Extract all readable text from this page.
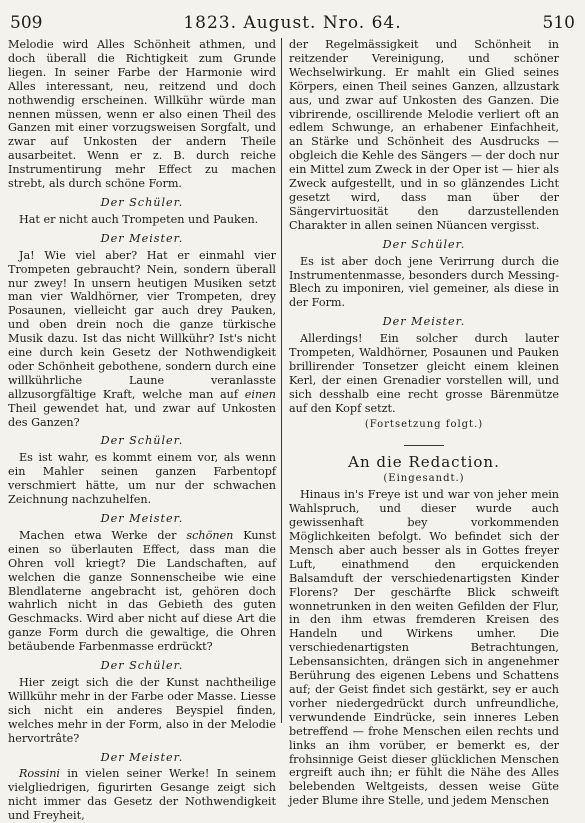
509	1823. August. Nro. 64.	510

Melodie wird Alles Schönheit athmen, und doch überall die Richtigkeit zum Grunde liegen. In seiner Farbe der Harmonie wird Alles interessant, neu, reitzend und doch nothwendig erscheinen. Willkühr würde man nennen müssen, wenn er also einen Theil des Ganzen mit einer vorzugsweisen Sorgfalt, und zwar auf Unkosten der andern Theile ausarbeitet. Wenn er z. B. durch reiche Instrumentirung mehr Effect zu machen strebt, als durch schöne Form.

Der Schüler.

Hat er nicht auch Trompeten und Pauken.

Der Meister.

Ja! Wie viel aber? Hat er einmahl vier Trompeten gebraucht? Nein, sondern überall nur zwey! In unsern heutigen Musiken setzt man vier Waldhörner, vier Trompeten, drey Posaunen, vielleicht gar auch drey Pauken, und oben drein noch die ganze türkische Musik dazu. Ist das nicht Willkühr? Ist's nicht eine durch kein Gesetz der Nothwendigkeit oder Schönheit gebothene, sondern durch eine willkührliche Laune veranlasste allzusorgfältige Kraft, welche man auf einen Theil gewendet hat, und zwar auf Unkosten des Ganzen?

Der Schüler.

Es ist wahr, es kommt einem vor, als wenn ein Mahler seinen ganzen Farbentopf verschmiert hätte, um nur der schwachen Zeichnung nachzuhelfen.

Der Meister.

Machen etwa Werke der schönen Kunst einen so überlauten Effect, dass man die Ohren voll kriegt? Die Landschaften, auf welchen die ganze Sonnenscheibe wie eine Blendlaterne angebracht ist, gehören doch wahrlich nicht in das Gebieth des guten Geschmacks. Wird aber nicht auf diese Art die ganze Form durch die gewaltige, die Ohren betäubende Farbenmasse erdrückt?

Der Schüler.

Hier zeigt sich die der Kunst nachtheilige Willkühr mehr in der Farbe oder Masse. Liesse sich nicht ein anderes Beyspiel finden, welches mehr in der Form, also in der Melodie hervortrâte?

Der Meister.

Rossini in vielen seiner Werke! In seinem vielgliedrigen, figurirten Gesange zeigt sich nicht immer das Gesetz der Nothwendigkeit und Freyheit,

der Regelmässigkeit und Schönheit in reitzender Vereinigung, und schöner Wechselwirkung. Er mahlt ein Glied seines Körpers, einen Theil seines Ganzen, allzustark aus, und zwar auf Unkosten des Ganzen. Die vibrirende, oscillirende Melodie verliert oft an edlem Schwunge, an erhabener Einfachheit, an Stärke und Schönheit des Ausdrucks — obgleich die Kehle des Sängers — der doch nur ein Mittel zum Zweck in der Oper ist — hier als Zweck aufgestellt, und in so glänzendes Licht gesetzt wird, dass man über der Sängervirtuosität den darzustellenden Charakter in allen seinen Nüancen vergisst.

Der Schüler.

Es ist aber doch jene Verirrung durch die Instrumentenmasse, besonders durch Messing-Blech zu imponiren, viel gemeiner, als diese in der Form.

Der Meister.

Allerdings! Ein solcher durch lauter Trompeten, Waldhörner, Posaunen und Pauken brillirender Tonsetzer gleicht einem kleinen Kerl, der einen Grenadier vorstellen will, und sich desshalb eine recht grosse Bärenmütze auf den Kopf setzt.

(Fortsetzung folgt.)
An die Redaction.
(Eingesandt.)

Hinaus in's Freye ist und war von jeher mein Wahlspruch, und dieser wurde auch gewissenhaft bey vorkommenden Möglichkeiten befolgt. Wo befindet sich der Mensch aber auch besser als in Gottes freyer Luft, einathmend den erquickenden Balsamduft der verschiedenartigsten Kinder Florens? Der geschärfte Blick schweift wonnetrunken in den weiten Gefilden der Flur, in den ihm etwas fremderen Kreisen des Handeln und Wirkens umher. Die verschiedenartigsten Betrachtungen, Lebensansichten, drängen sich in angenehmer Berührung des eigenen Lebens und Schattens auf; der Geist findet sich gestärkt, sey er auch vorher niedergedrückt durch unfreundliche, verwundende Eindrücke, sein inneres Leben betreffend — frohe Menschen eilen rechts und links an ihm vorüber, er bemerkt es, der frohsinnige Geist dieser glücklichen Menschen ergreift auch ihn; er fühlt die Nähe des Alles belebenden Weltgeists, dessen weise Güte jeder Blume ihre Stelle, und jedem Menschen
